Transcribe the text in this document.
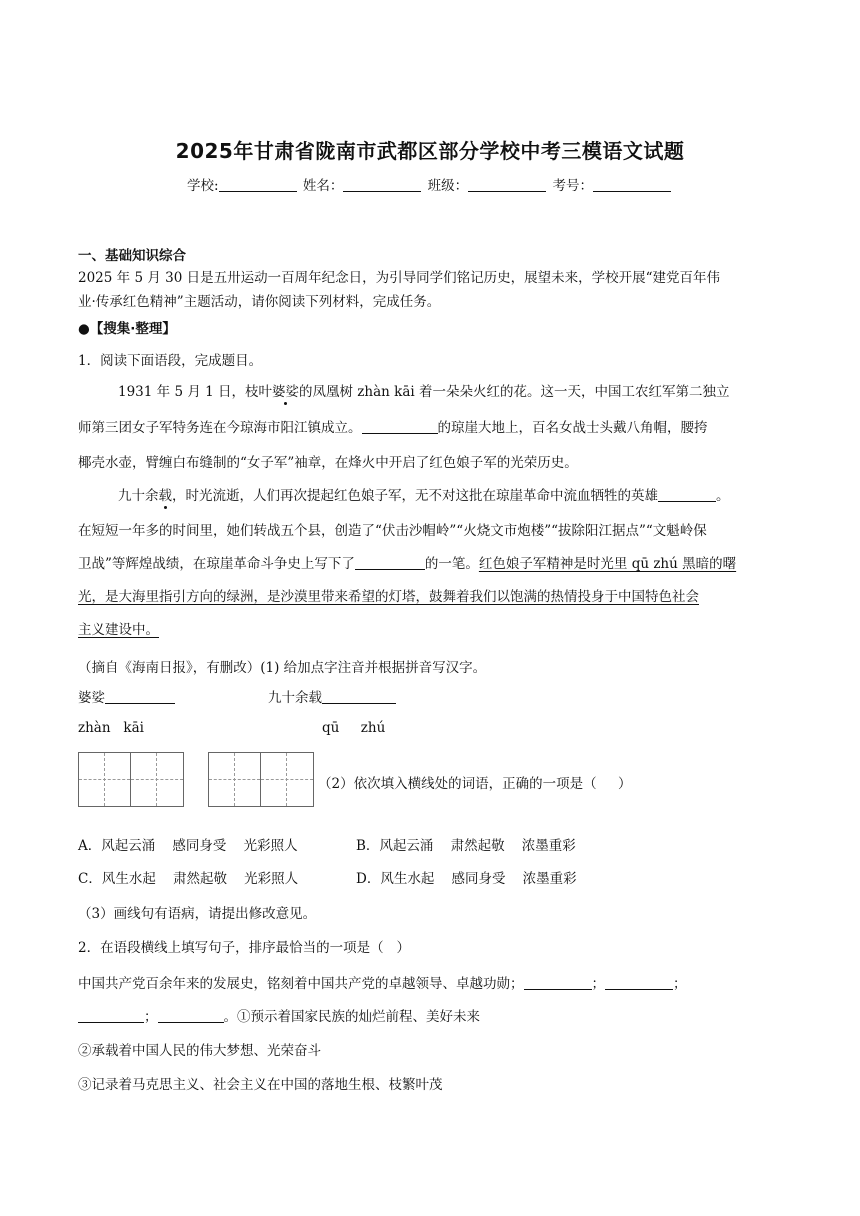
2025年甘肃省陇南市武都区部分学校中考三模语文试题
学校:	姓名：	班级：	考号：
一、基础知识综合
2025 年 5 月 30 日是五卅运动一百周年纪念日，为引导同学们铭记历史，展望未来，学校开展“建党百年伟
业·传承红色精神”主题活动，请你阅读下列材料，完成任务。
●【搜集·整理】
1．阅读下面语段，完成题目。
1931 年 5 月 1 日，枝叶婆娑的凤凰树 zhàn kāi 着一朵朵火红的花。这一天，中国工农红军第二独立
师第三团女子军特务连在今琼海市阳江镇成立。	的琼崖大地上，百名女战士头戴八角帽，腰挎
椰壳水壶，臂缠白布缝制的“女子军”袖章，在烽火中开启了红色娘子军的光荣历史。
九十余载，时光流逝，人们再次提起红色娘子军，无不对这批在琼崖革命中流血牺牲的英雄	。
在短短一年多的时间里，她们转战五个县，创造了“伏击沙帽岭”“火烧文市炮楼”“拔除阳江据点”“文魁岭保
卫战”等辉煌战绩，在琼崖革命斗争史上写下了	的一笔。红色娘子军精神是时光里 qū zhú 黑暗的曙
光，是大海里指引方向的绿洲，是沙漠里带来希望的灯塔，鼓舞着我们以饱满的热情投身于中国特色社会
主义建设中。
（摘自《海南日报》，有删改）(1) 给加点字注音并根据拼音写汉字。
婆娑	九十余载
zhàn   kāi	qū     zhú
（2）依次填入横线处的词语，正确的一项是（     ）
A．风起云涌    感同身受    光彩照人	B．风起云涌    肃然起敬    浓墨重彩
C．风生水起    肃然起敬    光彩照人	D．风生水起    感同身受    浓墨重彩
（3）画线句有语病，请提出修改意见。
2．在语段横线上填写句子，排序最恰当的一项是（   ）
中国共产党百余年来的发展史，铭刻着中国共产党的卓越领导、卓越功勋；	；	；
；	。①预示着国家民族的灿烂前程、美好未来
②承载着中国人民的伟大梦想、光荣奋斗
③记录着马克思主义、社会主义在中国的落地生根、枝繁叶茂
